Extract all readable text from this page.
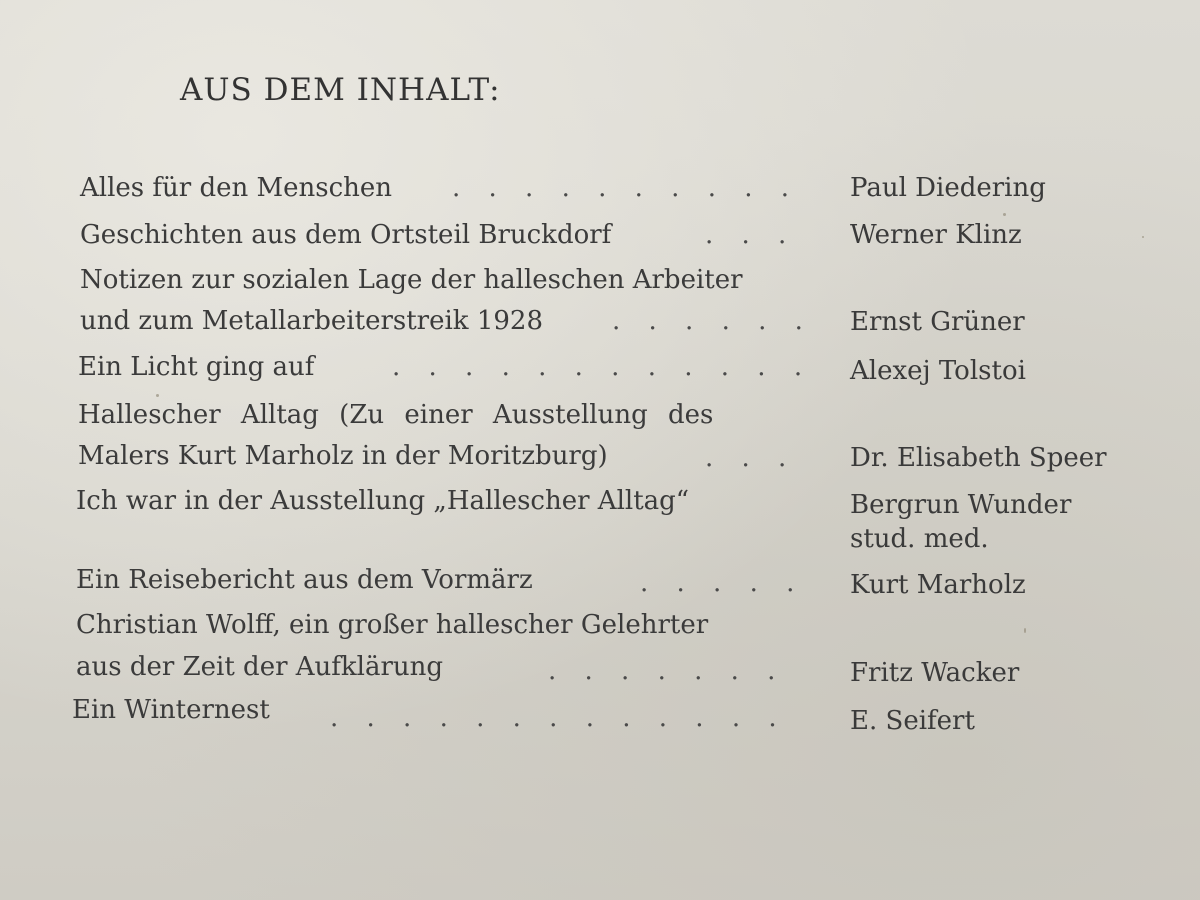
AUS DEM INHALT:
Alles für den Menschen . . . . . . . . . . Paul Diedering
Geschichten aus dem Ortsteil Bruckdorf	. . . Werner Klinz
Notizen zur sozialen Lage der halleschen Arbeiter
und zum Metallarbeiterstreik 1928	. . . . . . Ernst Grüner
Ein Licht ging auf	. . . . . . . . . . . . Alexej Tolstoi
Hallescher Alltag (Zu einer Ausstellung des
Malers Kurt Marholz in der Moritzburg)	. . . Dr. Elisabeth Speer
Ich war in der Ausstellung „Hallescher Alltag“	Bergrun Wunder
stud. med.
Ein Reisebericht aus dem Vormärz	. . . . . Kurt Marholz
Christian Wolff, ein großer hallescher Gelehrter
aus der Zeit der Aufklärung	. . . . . . . Fritz Wacker
Ein Winternest . . . . . . . . . . . . . E. Seifert
